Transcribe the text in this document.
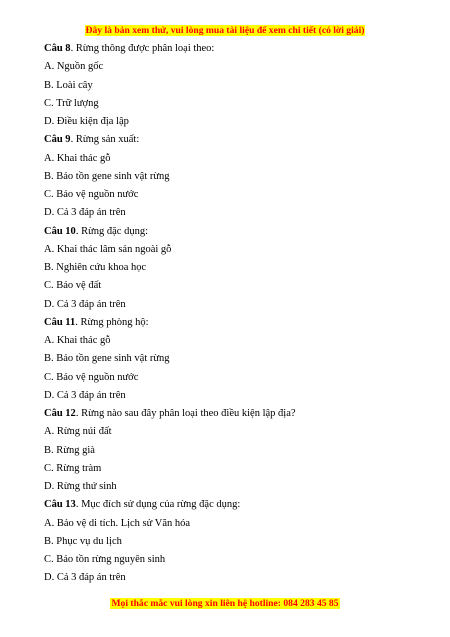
Đây là bản xem thử, vui lòng mua tài liệu để xem chi tiết (có lời giải)
Câu 8. Rừng thông được phân loại theo:
A. Nguồn gốc
B. Loài cây
C. Trữ lượng
D. Điều kiện địa lập
Câu 9. Rừng sản xuất:
A. Khai thác gỗ
B. Bảo tồn gene sinh vật rừng
C. Bảo vệ nguồn nước
D. Cả 3 đáp án trên
Câu 10. Rừng đặc dụng:
A. Khai thác lâm sản ngoài gỗ
B. Nghiên cứu khoa học
C. Bảo vệ đất
D. Cả 3 đáp án trên
Câu 11. Rừng phòng hộ:
A. Khai thác gỗ
B. Bảo tồn gene sinh vật rừng
C. Bảo vệ nguồn nước
D. Cả 3 đáp án trên
Câu 12. Rừng nào sau đây phân loại theo điều kiện lập địa?
A. Rừng núi đất
B. Rừng già
C. Rừng tràm
D. Rừng thứ sinh
Câu 13. Mục đích sử dụng của rừng đặc dụng:
A. Bảo vệ di tích. Lịch sử Văn hóa
B. Phục vụ du lịch
C. Bảo tồn rừng nguyên sinh
D. Cả 3 đáp án trên
Mọi thắc mắc vui lòng xin liên hệ hotline: 084 283 45 85
